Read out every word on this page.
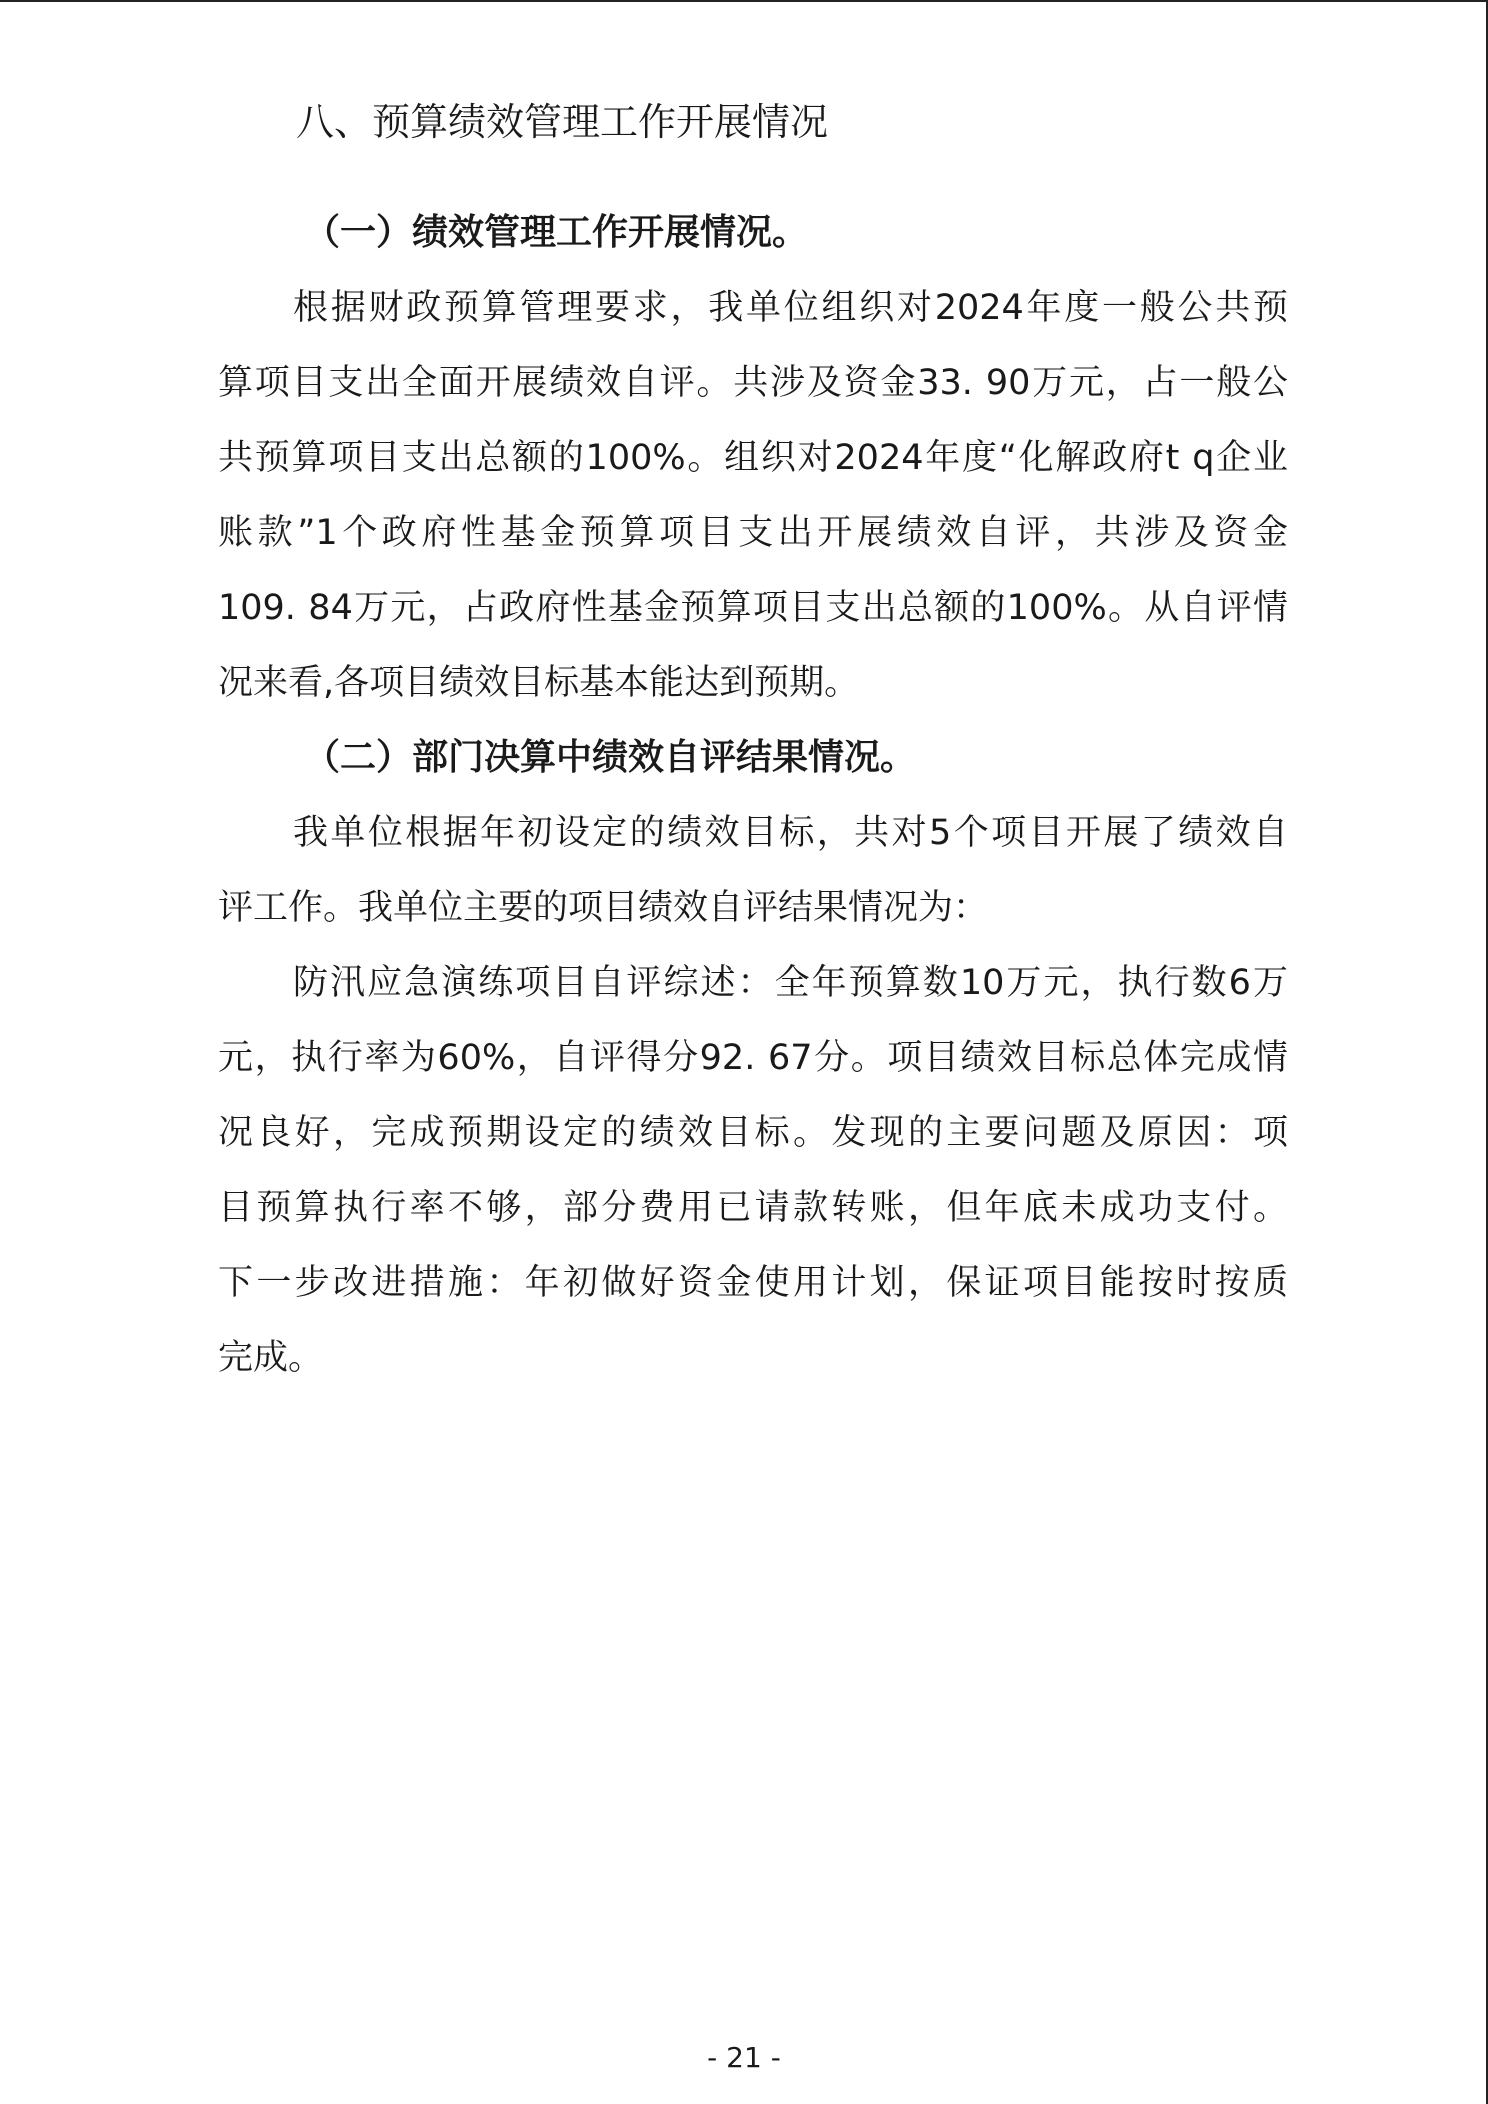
八、预算绩效管理工作开展情况
（一）绩效管理工作开展情况。
根据财政预算管理要求，我单位组织对2024年度一般公共预
算项目支出全面开展绩效自评。共涉及资金33. 90万元，占一般公
共预算项目支出总额的100%。组织对2024年度“化解政府t q企业
账款”1个政府性基金预算项目支出开展绩效自评，共涉及资金
109. 84万元，占政府性基金预算项目支出总额的100%。从自评情
况来看,各项目绩效目标基本能达到预期。
（二）部门决算中绩效自评结果情况。
我单位根据年初设定的绩效目标，共对5个项目开展了绩效自
评工作。我单位主要的项目绩效自评结果情况为：
防汛应急演练项目自评综述：全年预算数10万元，执行数6万
元，执行率为60%，自评得分92. 67分。项目绩效目标总体完成情
况良好，完成预期设定的绩效目标。发现的主要问题及原因：项
目预算执行率不够，部分费用已请款转账，但年底未成功支付。
下一步改进措施：年初做好资金使用计划，保证项目能按时按质
完成。
- 21 -
